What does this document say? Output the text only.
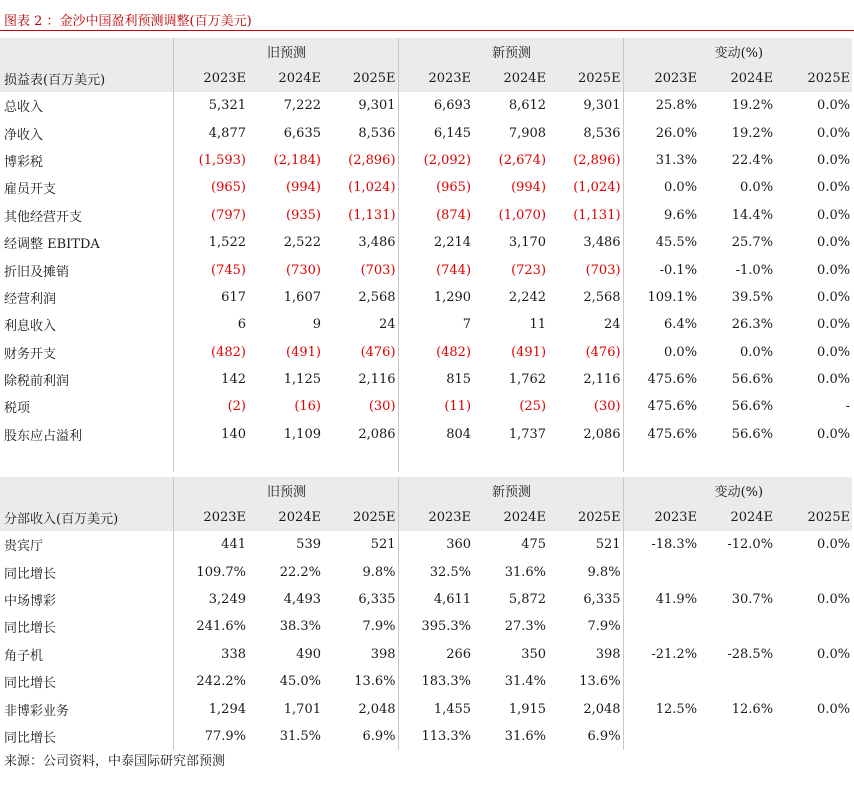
图表 2 ：金沙中国盈利预测调整(百万美元)
	旧预测			新预测			变动(%)		
损益表(百万美元)	2023E	2024E	2025E	2023E	2024E	2025E	2023E	2024E	2025E
总收入	5,321	7,222	9,301	6,693	8,612	9,301	25.8%	19.2%	0.0%
净收入	4,877	6,635	8,536	6,145	7,908	8,536	26.0%	19.2%	0.0%
博彩税	(1,593)	(2,184)	(2,896)	(2,092)	(2,674)	(2,896)	31.3%	22.4%	0.0%
雇员开支	(965)	(994)	(1,024)	(965)	(994)	(1,024)	0.0%	0.0%	0.0%
其他经营开支	(797)	(935)	(1,131)	(874)	(1,070)	(1,131)	9.6%	14.4%	0.0%
经调整 EBITDA	1,522	2,522	3,486	2,214	3,170	3,486	45.5%	25.7%	0.0%
折旧及摊销	(745)	(730)	(703)	(744)	(723)	(703)	-0.1%	-1.0%	0.0%
经营利润	617	1,607	2,568	1,290	2,242	2,568	109.1%	39.5%	0.0%
利息收入	6	9	24	7	11	24	6.4%	26.3%	0.0%
财务开支	(482)	(491)	(476)	(482)	(491)	(476)	0.0%	0.0%	0.0%
除税前利润	142	1,125	2,116	815	1,762	2,116	475.6%	56.6%	0.0%
税项	(2)	(16)	(30)	(11)	(25)	(30)	475.6%	56.6%	-
股东应占溢利	140	1,109	2,086	804	1,737	2,086	475.6%	56.6%	0.0%

	旧预测			新预测			变动(%)		
分部收入(百万美元)	2023E	2024E	2025E	2023E	2024E	2025E	2023E	2024E	2025E
贵宾厅	441	539	521	360	475	521	-18.3%	-12.0%	0.0%
同比增长	109.7%	22.2%	9.8%	32.5%	31.6%	9.8%			
中场博彩	3,249	4,493	6,335	4,611	5,872	6,335	41.9%	30.7%	0.0%
同比增长	241.6%	38.3%	7.9%	395.3%	27.3%	7.9%			
角子机	338	490	398	266	350	398	-21.2%	-28.5%	0.0%
同比增长	242.2%	45.0%	13.6%	183.3%	31.4%	13.6%			
非博彩业务	1,294	1,701	2,048	1,455	1,915	2,048	12.5%	12.6%	0.0%
同比增长	77.9%	31.5%	6.9%	113.3%	31.6%	6.9%			
来源：公司资料，中泰国际研究部预测
